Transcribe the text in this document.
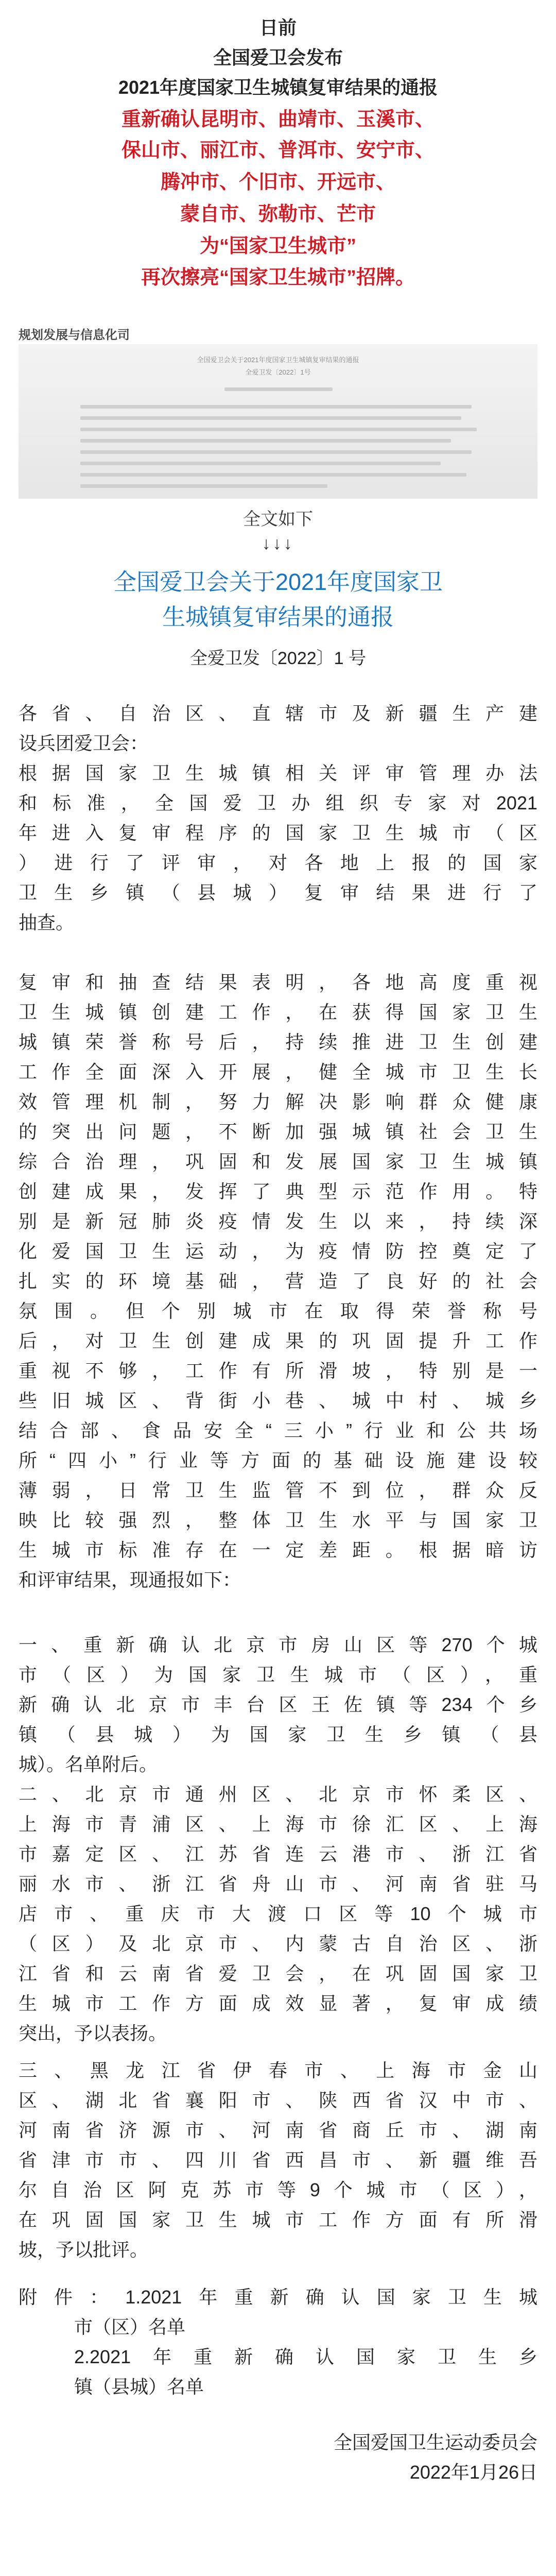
日前
全国爱卫会发布
2021年度国家卫生城镇复审结果的通报
重新确认昆明市、曲靖市、玉溪市、
保山市、丽江市、普洱市、安宁市、
腾冲市、个旧市、开远市、
蒙自市、弥勒市、芒市
为“国家卫生城市”
再次擦亮“国家卫生城市”招牌。
规划发展与信息化司
全国爱卫会关于2021年度国家卫生城镇复审结果的通报
全爱卫发〔2022〕1号
全文如下
↓↓↓
全国爱卫会关于2021年度国家卫
生城镇复审结果的通报
全爱卫发〔2022〕1 号
各省、自治区、直辖市及新疆生产建
设兵团爱卫会：
根据国家卫生城镇相关评审管理办法
和标准，全国爱卫办组织专家对2021
年进入复审程序的国家卫生城市（区
）进行了评审，对各地上报的国家
卫生乡镇（县城）复审结果进行了
抽查。
复审和抽查结果表明，各地高度重视
卫生城镇创建工作，在获得国家卫生
城镇荣誉称号后，持续推进卫生创建
工作全面深入开展，健全城市卫生长
效管理机制，努力解决影响群众健康
的突出问题，不断加强城镇社会卫生
综合治理，巩固和发展国家卫生城镇
创建成果，发挥了典型示范作用。特
别是新冠肺炎疫情发生以来，持续深
化爱国卫生运动，为疫情防控奠定了
扎实的环境基础，营造了良好的社会
氛围。但个别城市在取得荣誉称号
后，对卫生创建成果的巩固提升工作
重视不够，工作有所滑坡，特别是一
些旧城区、背街小巷、城中村、城乡
结合部、食品安全“三小”行业和公共场
所“四小”行业等方面的基础设施建设较
薄弱，日常卫生监管不到位，群众反
映比较强烈，整体卫生水平与国家卫
生城市标准存在一定差距。根据暗访
和评审结果，现通报如下：
一、重新确认北京市房山区等270个城
市（区）为国家卫生城市（区），重
新确认北京市丰台区王佐镇等234个乡
镇（县城）为国家卫生乡镇（县
城）。名单附后。
二、北京市通州区、北京市怀柔区、
上海市青浦区、上海市徐汇区、上海
市嘉定区、江苏省连云港市、浙江省
丽水市、浙江省舟山市、河南省驻马
店市、重庆市大渡口区等10个城市
（区）及北京市、内蒙古自治区、浙
江省和云南省爱卫会，在巩固国家卫
生城市工作方面成效显著，复审成绩
突出，予以表扬。
三、黑龙江省伊春市、上海市金山
区、湖北省襄阳市、陕西省汉中市、
河南省济源市、河南省商丘市、湖南
省津市市、四川省西昌市、新疆维吾
尔自治区阿克苏市等9个城市（区），
在巩固国家卫生城市工作方面有所滑
坡，予以批评。
附件：1.2021年重新确认国家卫生城
市（区）名单
2.2021年重新确认国家卫生乡
镇（县城）名单
全国爱国卫生运动委员会
2022年1月26日
